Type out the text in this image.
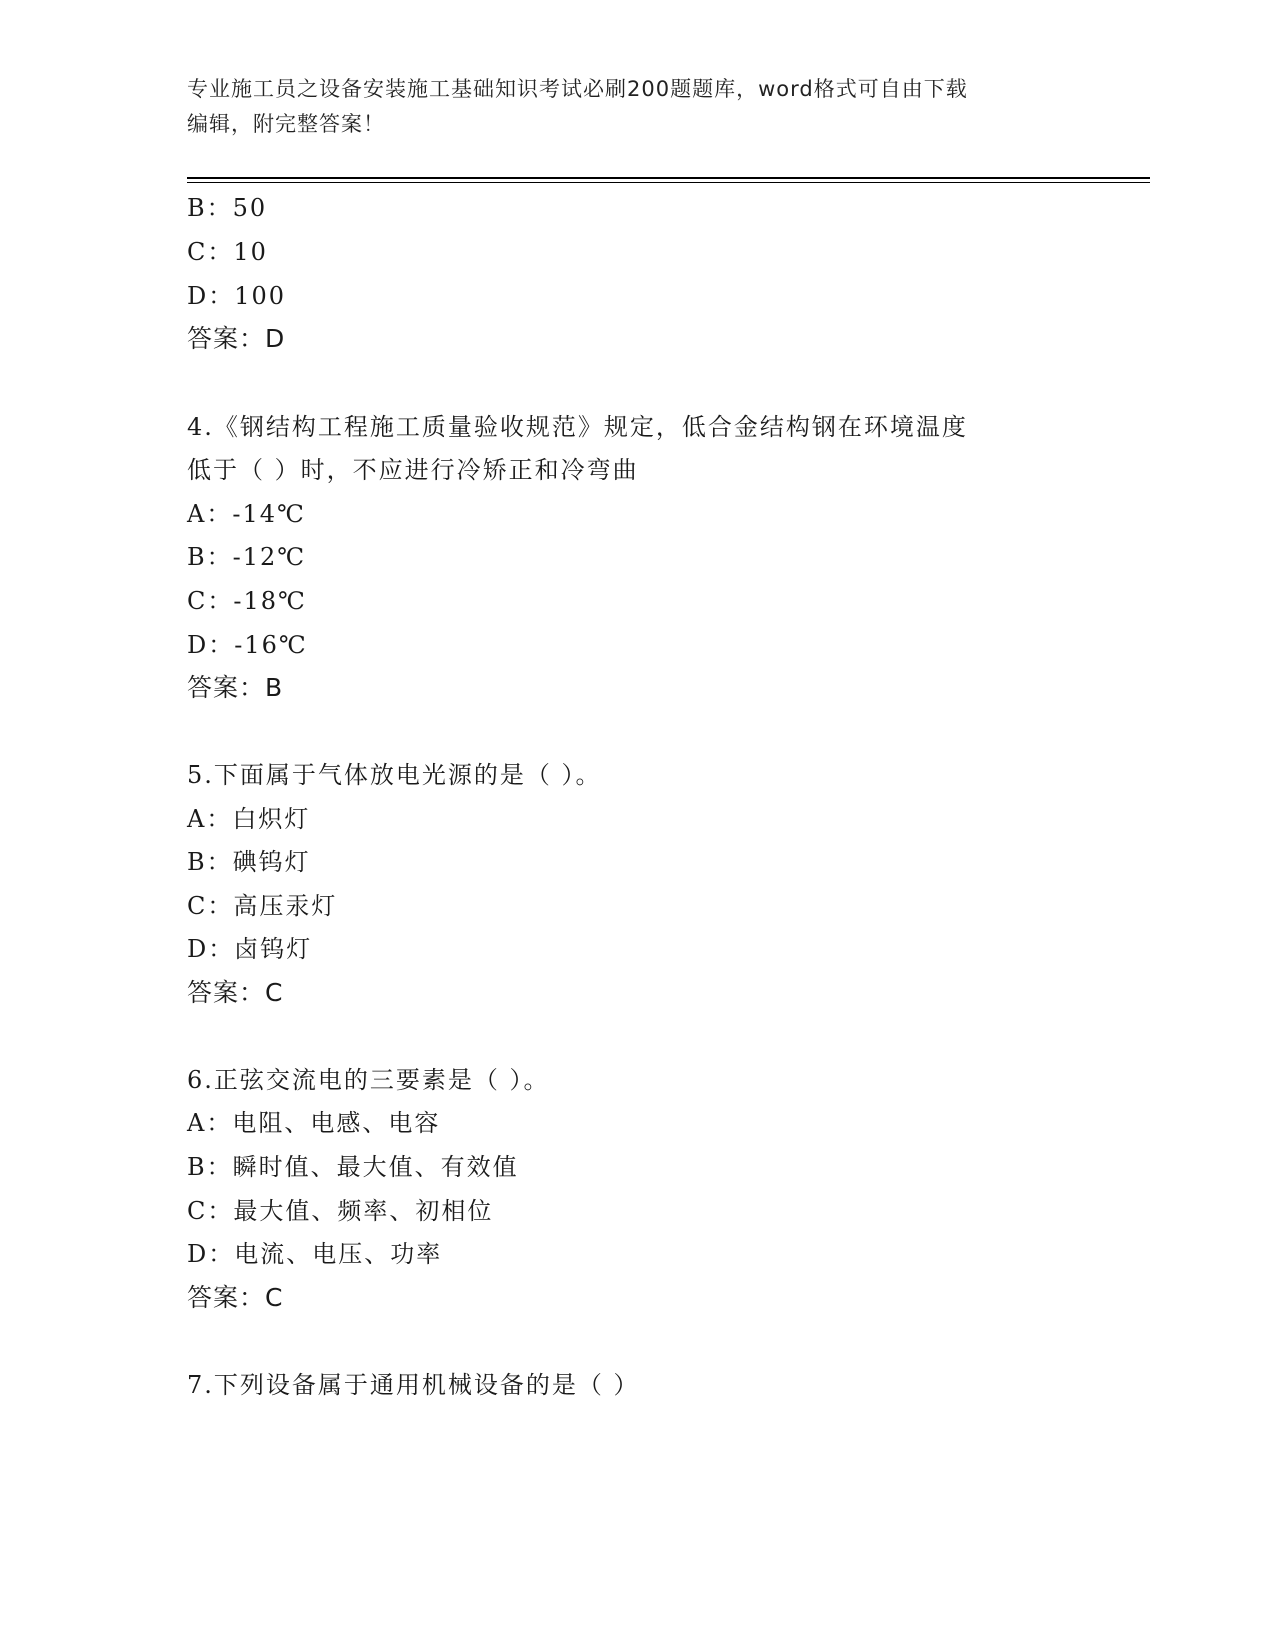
专业施工员之设备安装施工基础知识考试必刷200题题库，word格式可自由下载
编辑，附完整答案！
B：50
C：10
D：100
答案：D
4.《钢结构工程施工质量验收规范》规定，低合金结构钢在环境温度
低于（ ）时，不应进行冷矫正和冷弯曲
A：-14℃
B：-12℃
C：-18℃
D：-16℃
答案：B
5.下面属于气体放电光源的是（ ）。
A：白炽灯
B：碘钨灯
C：高压汞灯
D：卤钨灯
答案：C
6.正弦交流电的三要素是（ ）。
A：电阻、电感、电容
B：瞬时值、最大值、有效值
C：最大值、频率、初相位
D：电流、电压、功率
答案：C
7.下列设备属于通用机械设备的是（ ）
